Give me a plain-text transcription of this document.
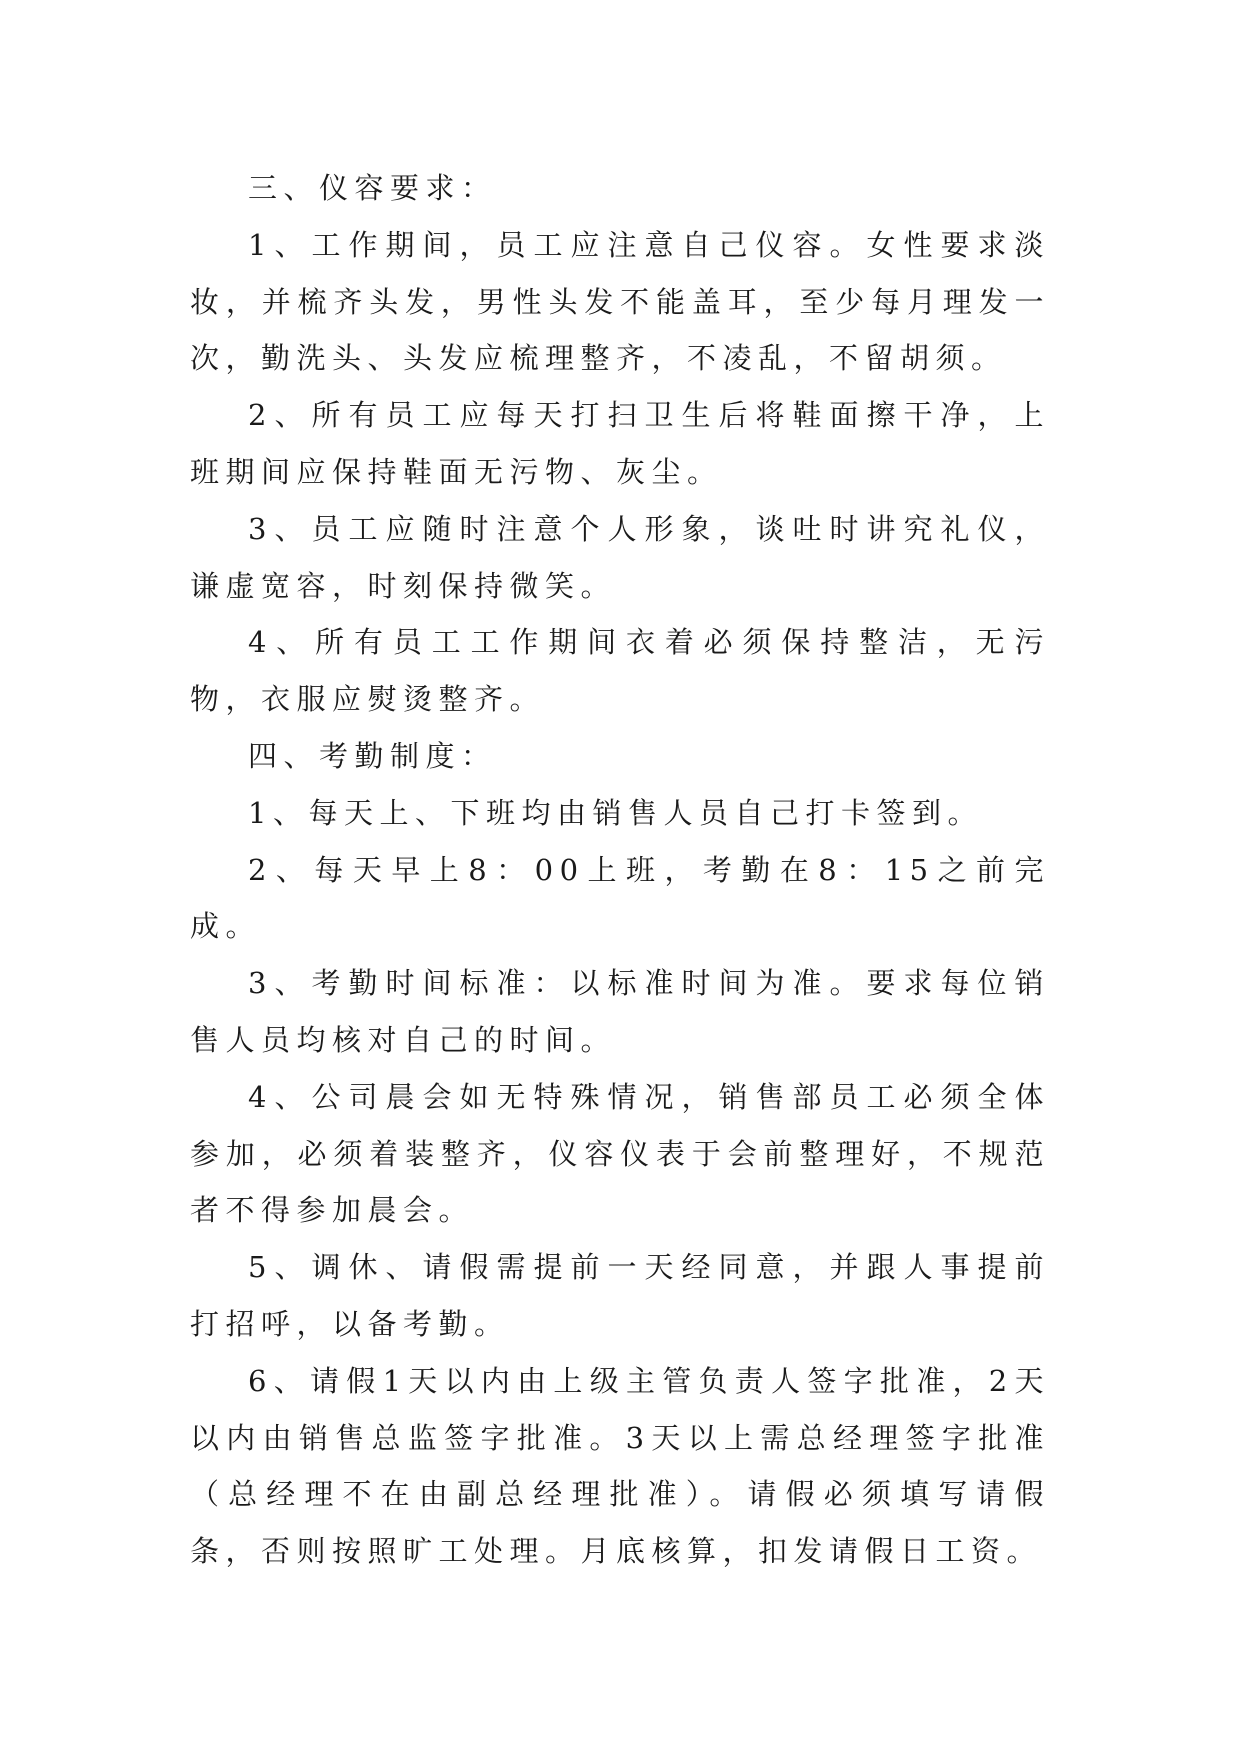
三、仪容要求：

1、工作期间，员工应注意自己仪容。女性要求淡妆，并梳齐头发，男性头发不能盖耳，至少每月理发一次，勤洗头、头发应梳理整齐，不凌乱，不留胡须。

2、所有员工应每天打扫卫生后将鞋面擦干净，上班期间应保持鞋面无污物、灰尘。

3、员工应随时注意个人形象，谈吐时讲究礼仪，谦虚宽容，时刻保持微笑。

4、所有员工工作期间衣着必须保持整洁，无污物，衣服应熨烫整齐。

四、考勤制度：

1、每天上、下班均由销售人员自己打卡签到。

2、每天早上8：00上班，考勤在8：15之前完成。

3、考勤时间标准：以标准时间为准。要求每位销售人员均核对自己的时间。

4、公司晨会如无特殊情况，销售部员工必须全体参加，必须着装整齐，仪容仪表于会前整理好，不规范者不得参加晨会。

5、调休、请假需提前一天经同意，并跟人事提前打招呼，以备考勤。

6、请假1天以内由上级主管负责人签字批准，2天以内由销售总监签字批准。3天以上需总经理签字批准（总经理不在由副总经理批准）。请假必须填写请假条，否则按照旷工处理。月底核算，扣发请假日工资。
